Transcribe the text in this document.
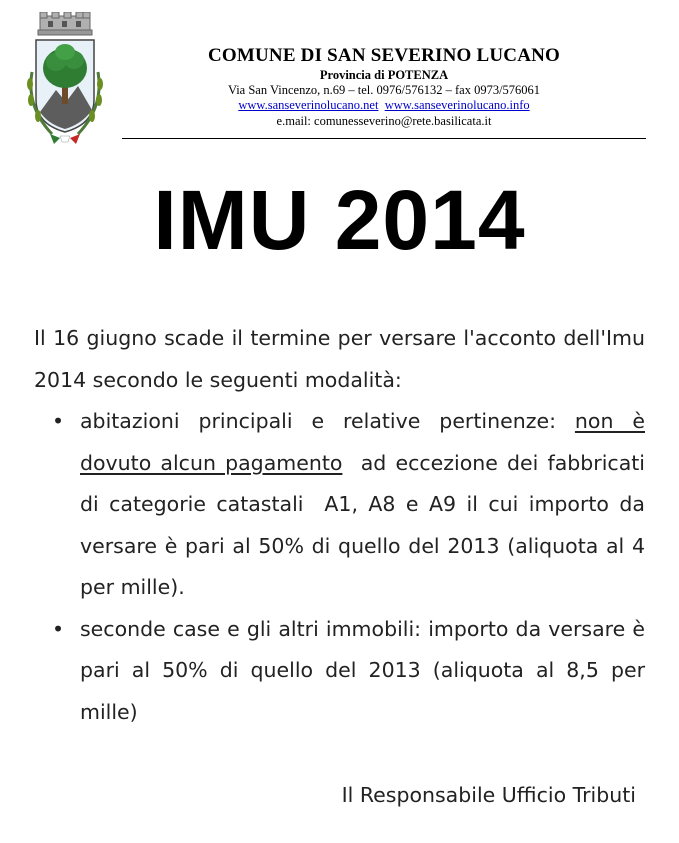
COMUNE DI SAN SEVERINO LUCANO
Provincia di POTENZA
Via San Vincenzo, n.69 – tel. 0976/576132 – fax 0973/576061
www.sanseverinolucano.net www.sanseverinolucano.info
e.mail: comunesseverino@rete.basilicata.it
IMU 2014

Il 16 giugno scade il termine per versare l'acconto dell'Imu 2014 secondo le seguenti modalità:

• abitazioni principali e relative pertinenze: non è dovuto alcun pagamento  ad eccezione dei fabbricati di categorie catastali  A1, A8 e A9 il cui importo da versare è pari al 50% di quello del 2013 (aliquota al 4 per mille).
• seconde case e gli altri immobili: importo da versare è pari al 50% di quello del 2013 (aliquota al 8,5 per mille)
Il Responsabile Ufficio Tributi
